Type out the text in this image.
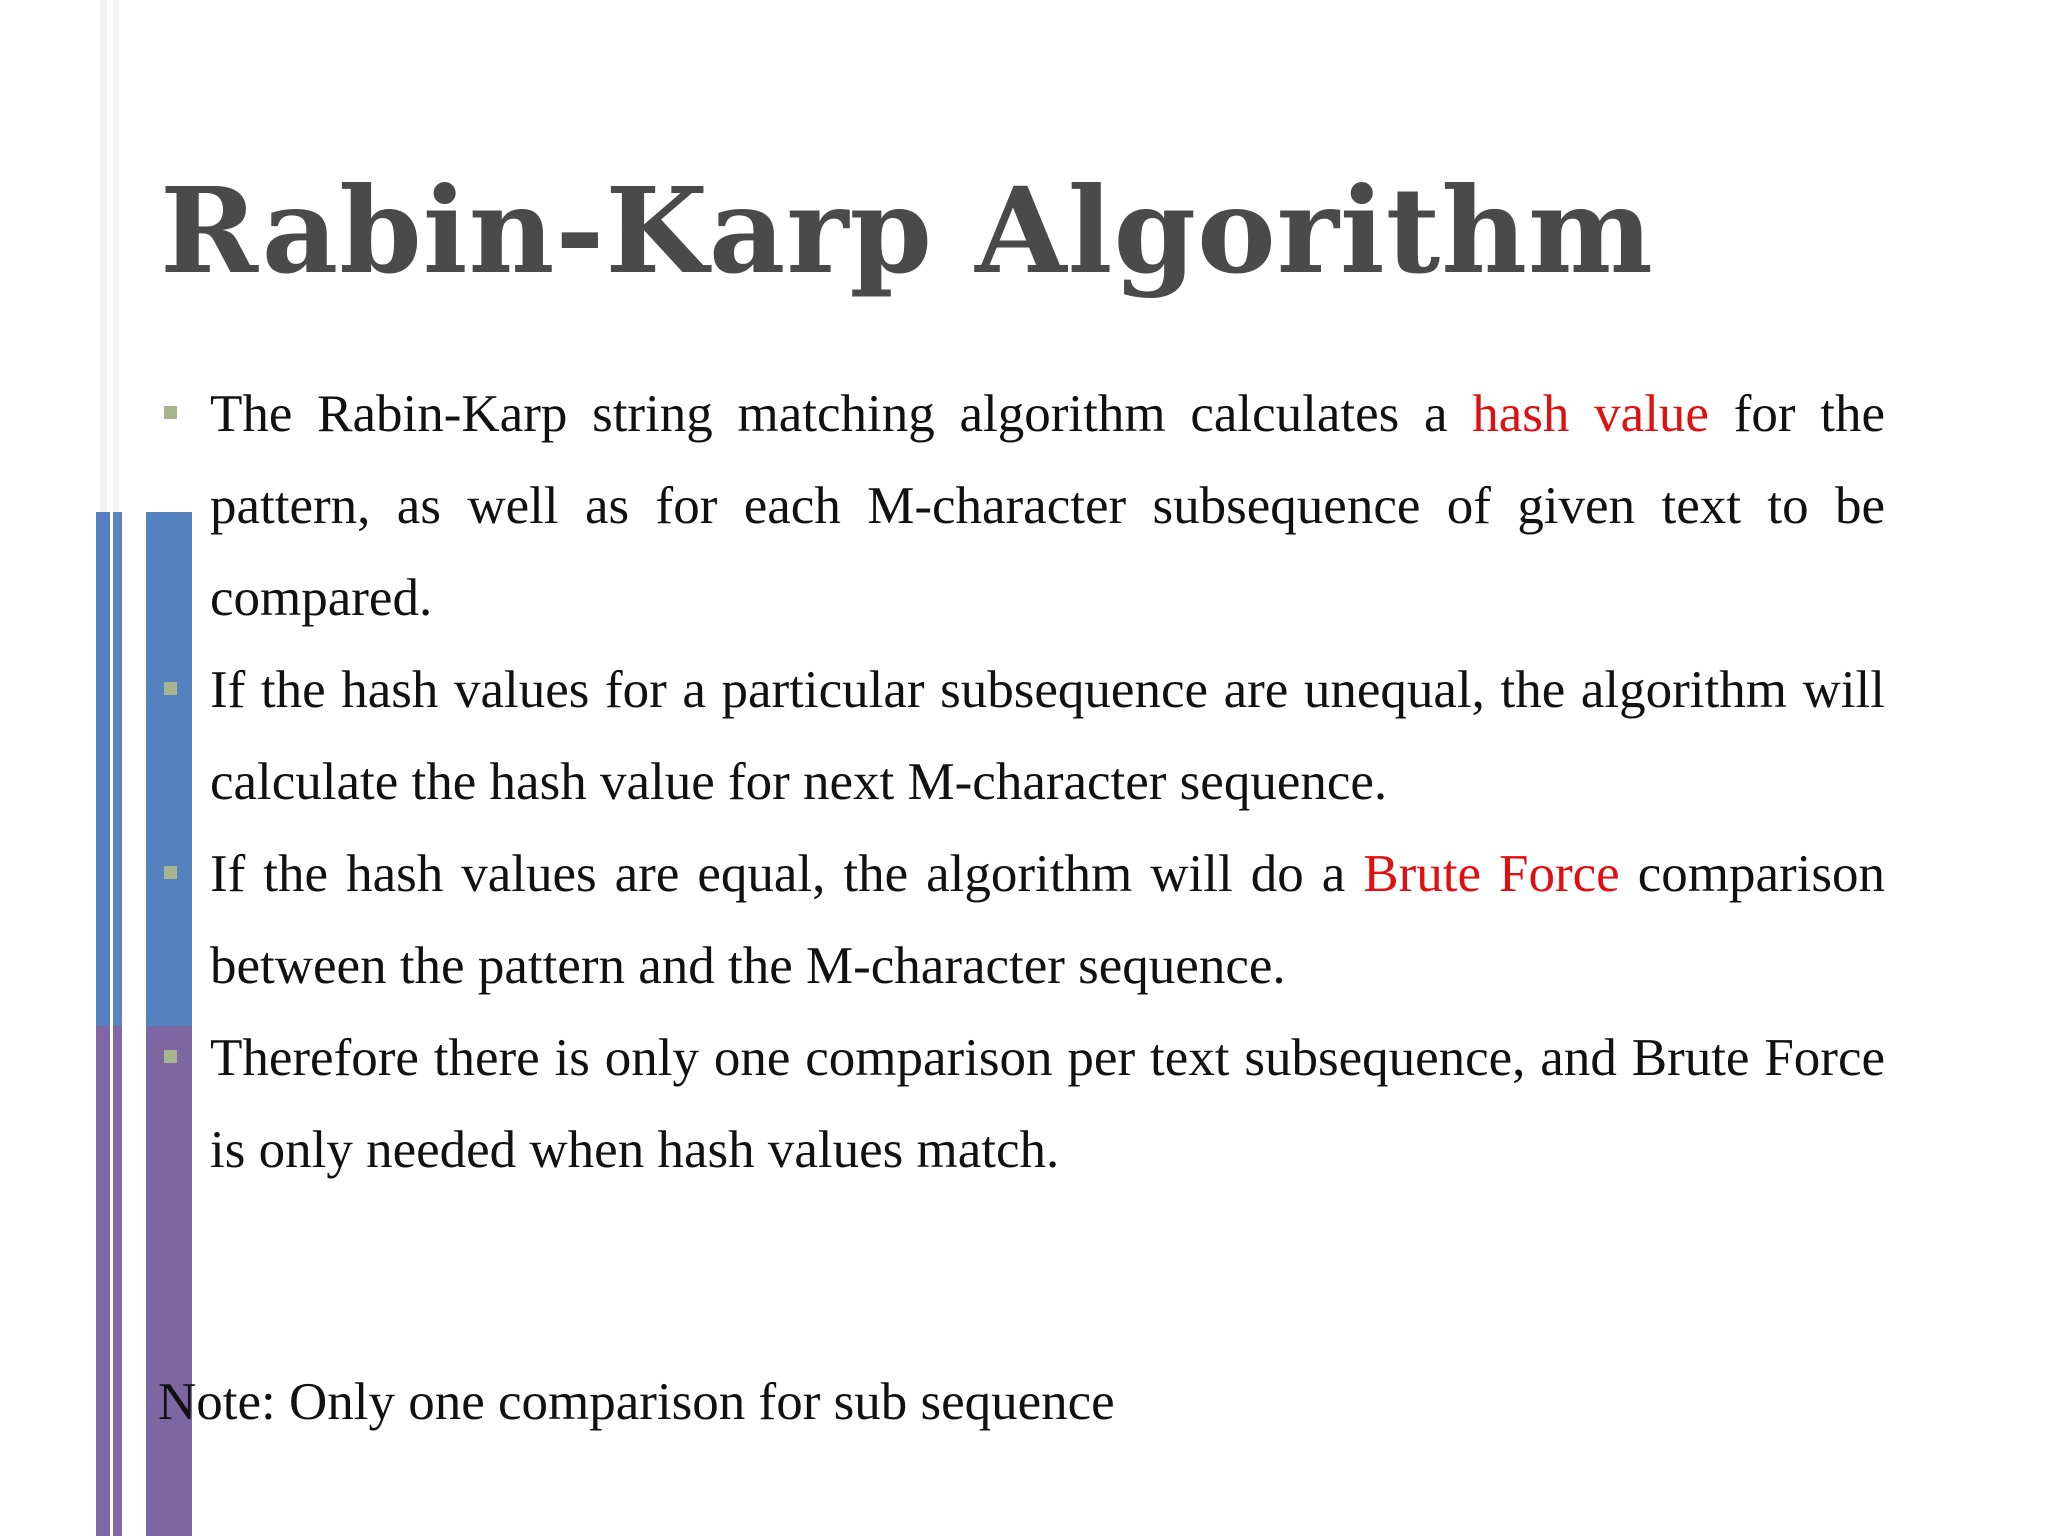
Rabin-Karp Algorithm
The Rabin-Karp string matching algorithm calculates a hash value for the pattern, as well as for each M-character subsequence of given text to be compared.
If the hash values for a particular subsequence are unequal, the algorithm will calculate the hash value for next M-character sequence.
If the hash values are equal, the algorithm will do a Brute Force comparison between the pattern and the M-character sequence.
Therefore there is only one comparison per text subsequence, and Brute Force is only needed when hash values match.

Note: Only one comparison for sub sequence
